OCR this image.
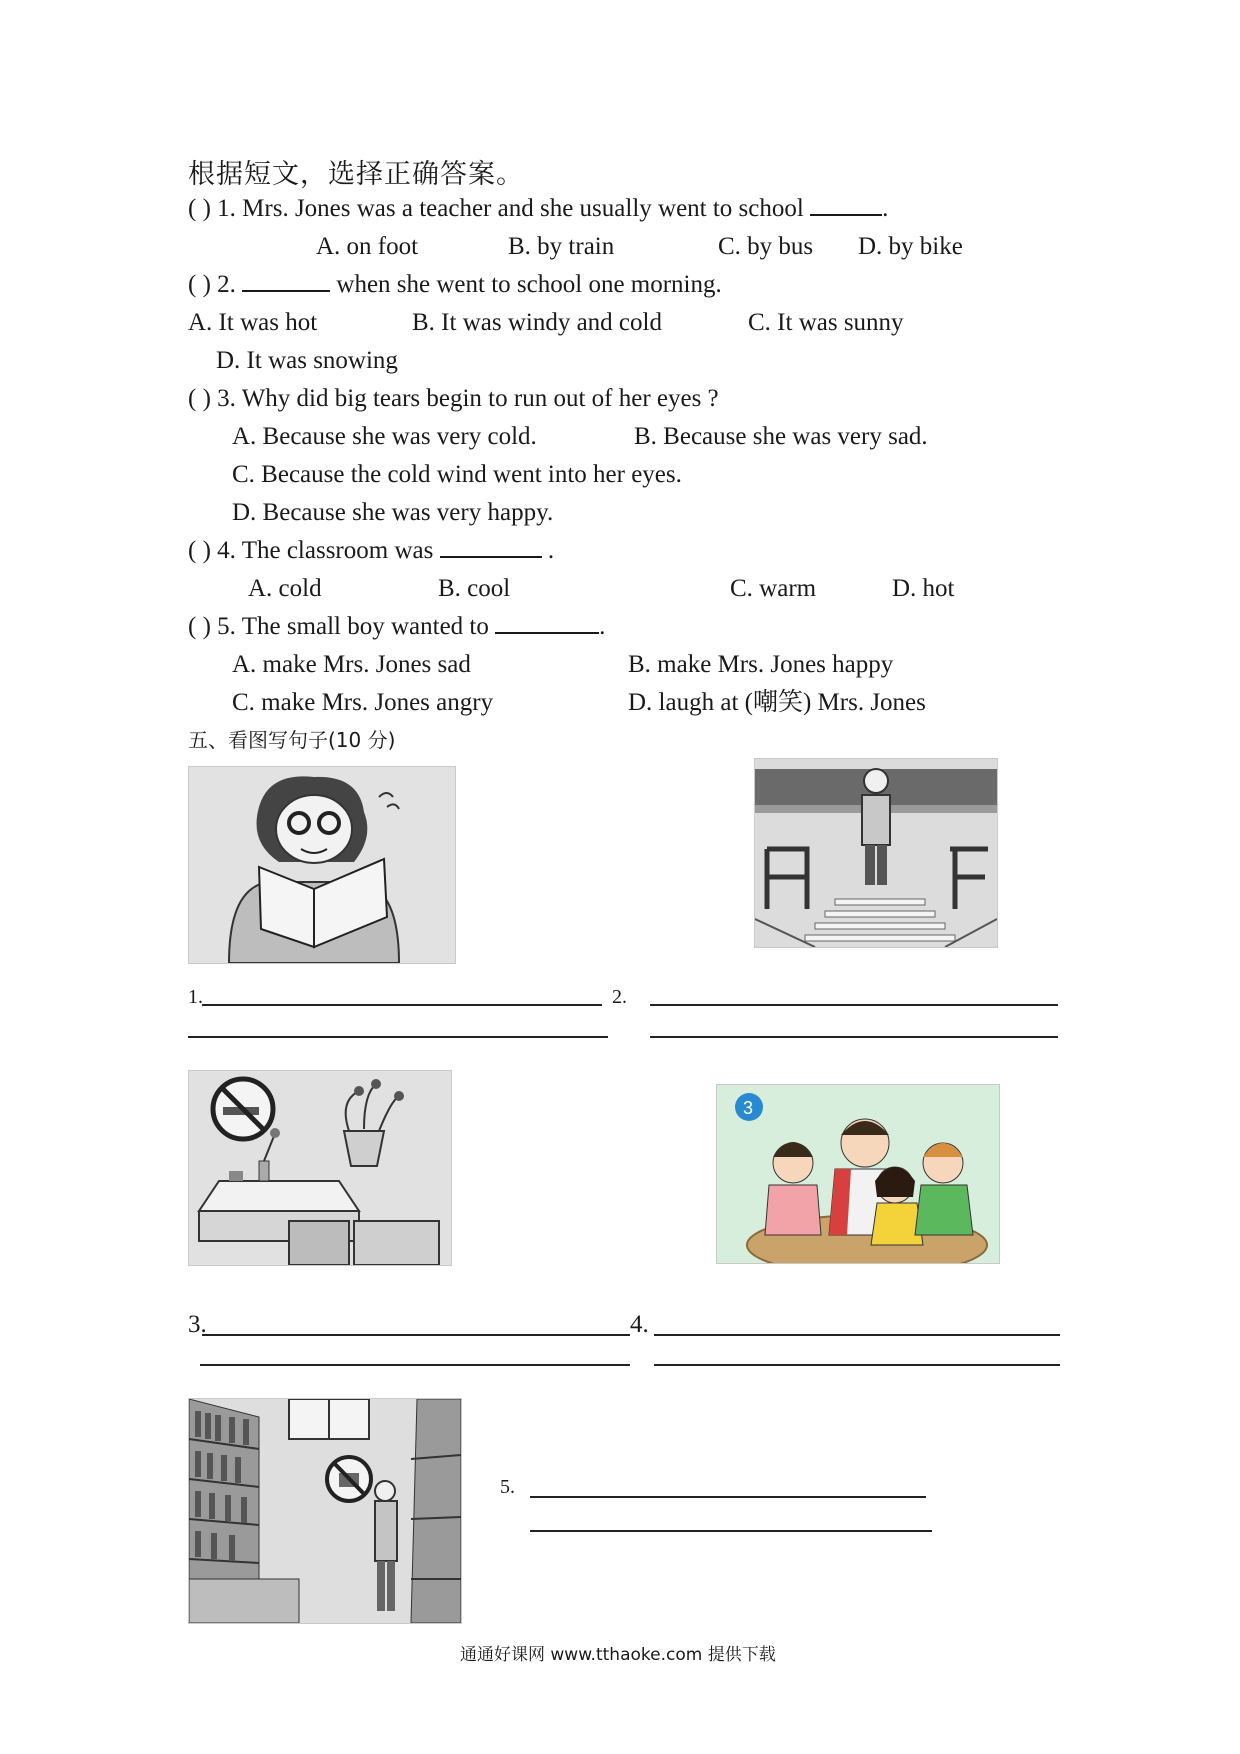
根据短文，选择正确答案。
( ) 1. Mrs. Jones was a teacher and she usually went to school	.
A. on foot	B. by train	C. by bus D. by bike
( ) 2.	when she went to school one morning.
A. It was hot	B. It was windy and cold	C. It was sunny
D. It was snowing
( ) 3. Why did big tears begin to run out of her eyes ?
A. Because she was very cold.	B. Because she was very sad.
C. Because the cold wind went into her eyes.
D. Because she was very happy.
( ) 4. The classroom was	.
A. cold	B. cool	C. warm	D. hot
( ) 5. The small boy wanted to	.
A. make Mrs. Jones sad	B. make Mrs. Jones happy
C. make Mrs. Jones angry	D. laugh at (嘲笑) Mrs. Jones
五、看图写句子(10 分)
1.	2.
3
3.	4.
5.
通通好课网 www.tthaoke.com 提供下载
